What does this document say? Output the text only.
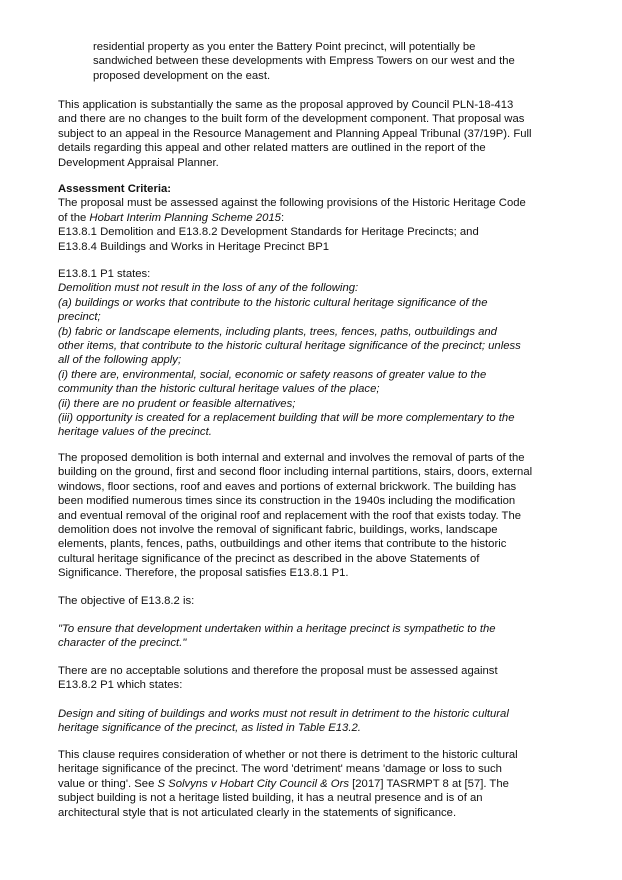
residential property as you enter the Battery Point precinct, will potentially be
sandwiched between these developments with Empress Towers on our west and the
proposed development on the east.

This application is substantially the same as the proposal approved by Council PLN-18-413
and there are no changes to the built form of the development component. That proposal was
subject to an appeal in the Resource Management and Planning Appeal Tribunal (37/19P). Full
details regarding this appeal and other related matters are outlined in the report of the
Development Appraisal Planner.

Assessment Criteria:
The proposal must be assessed against the following provisions of the Historic Heritage Code
of the Hobart Interim Planning Scheme 2015:
E13.8.1 Demolition and E13.8.2 Development Standards for Heritage Precincts; and
E13.8.4 Buildings and Works in Heritage Precinct BP1

E13.8.1 P1 states:
Demolition must not result in the loss of any of the following:
(a) buildings or works that contribute to the historic cultural heritage significance of the
precinct;
(b) fabric or landscape elements, including plants, trees, fences, paths, outbuildings and
other items, that contribute to the historic cultural heritage significance of the precinct; unless
all of the following apply;
(i) there are, environmental, social, economic or safety reasons of greater value to the
community than the historic cultural heritage values of the place;
(ii) there are no prudent or feasible alternatives;
(iii) opportunity is created for a replacement building that will be more complementary to the
heritage values of the precinct.

The proposed demolition is both internal and external and involves the removal of parts of the
building on the ground, first and second floor including internal partitions, stairs, doors, external
windows, floor sections, roof and eaves and portions of external brickwork. The building has
been modified numerous times since its construction in the 1940s including the modification
and eventual removal of the original roof and replacement with the roof that exists today. The
demolition does not involve the removal of significant fabric, buildings, works, landscape
elements, plants, fences, paths, outbuildings and other items that contribute to the historic
cultural heritage significance of the precinct as described in the above Statements of
Significance. Therefore, the proposal satisfies E13.8.1 P1.

The objective of E13.8.2 is:

"To ensure that development undertaken within a heritage precinct is sympathetic to the
character of the precinct."

There are no acceptable solutions and therefore the proposal must be assessed against
E13.8.2 P1 which states:

Design and siting of buildings and works must not result in detriment to the historic cultural
heritage significance of the precinct, as listed in Table E13.2.

This clause requires consideration of whether or not there is detriment to the historic cultural
heritage significance of the precinct. The word 'detriment' means 'damage or loss to such
value or thing'. See S Solvyns v Hobart City Council & Ors [2017] TASRMPT 8 at [57]. The
subject building is not a heritage listed building, it has a neutral presence and is of an
architectural style that is not articulated clearly in the statements of significance.
